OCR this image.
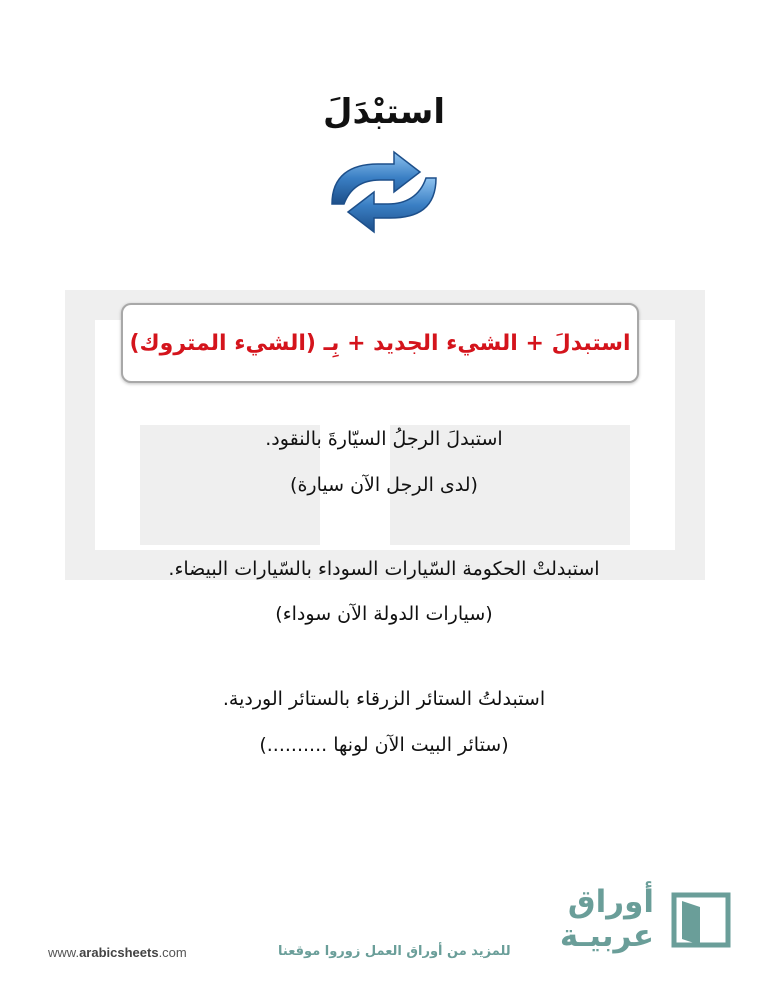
استبْدَلَ
استبدلَ + الشيء الجديد + بِـ (الشيء المتروك)
استبدلَ الرجلُ السيّارةَ بالنقود.
(لدى الرجل الآن سيارة)
استبدلتْ الحكومة السّيارات السوداء بالسّيارات البيضاء.
(سيارات الدولة الآن سوداء)
استبدلتُ الستائر الزرقاء بالستائر الوردية.
(ستائر البيت الآن لونها ..........)
www.arabicsheets.com	للمزيد من أوراق العمل زوروا موقعنا
أوراق
عربيـة
